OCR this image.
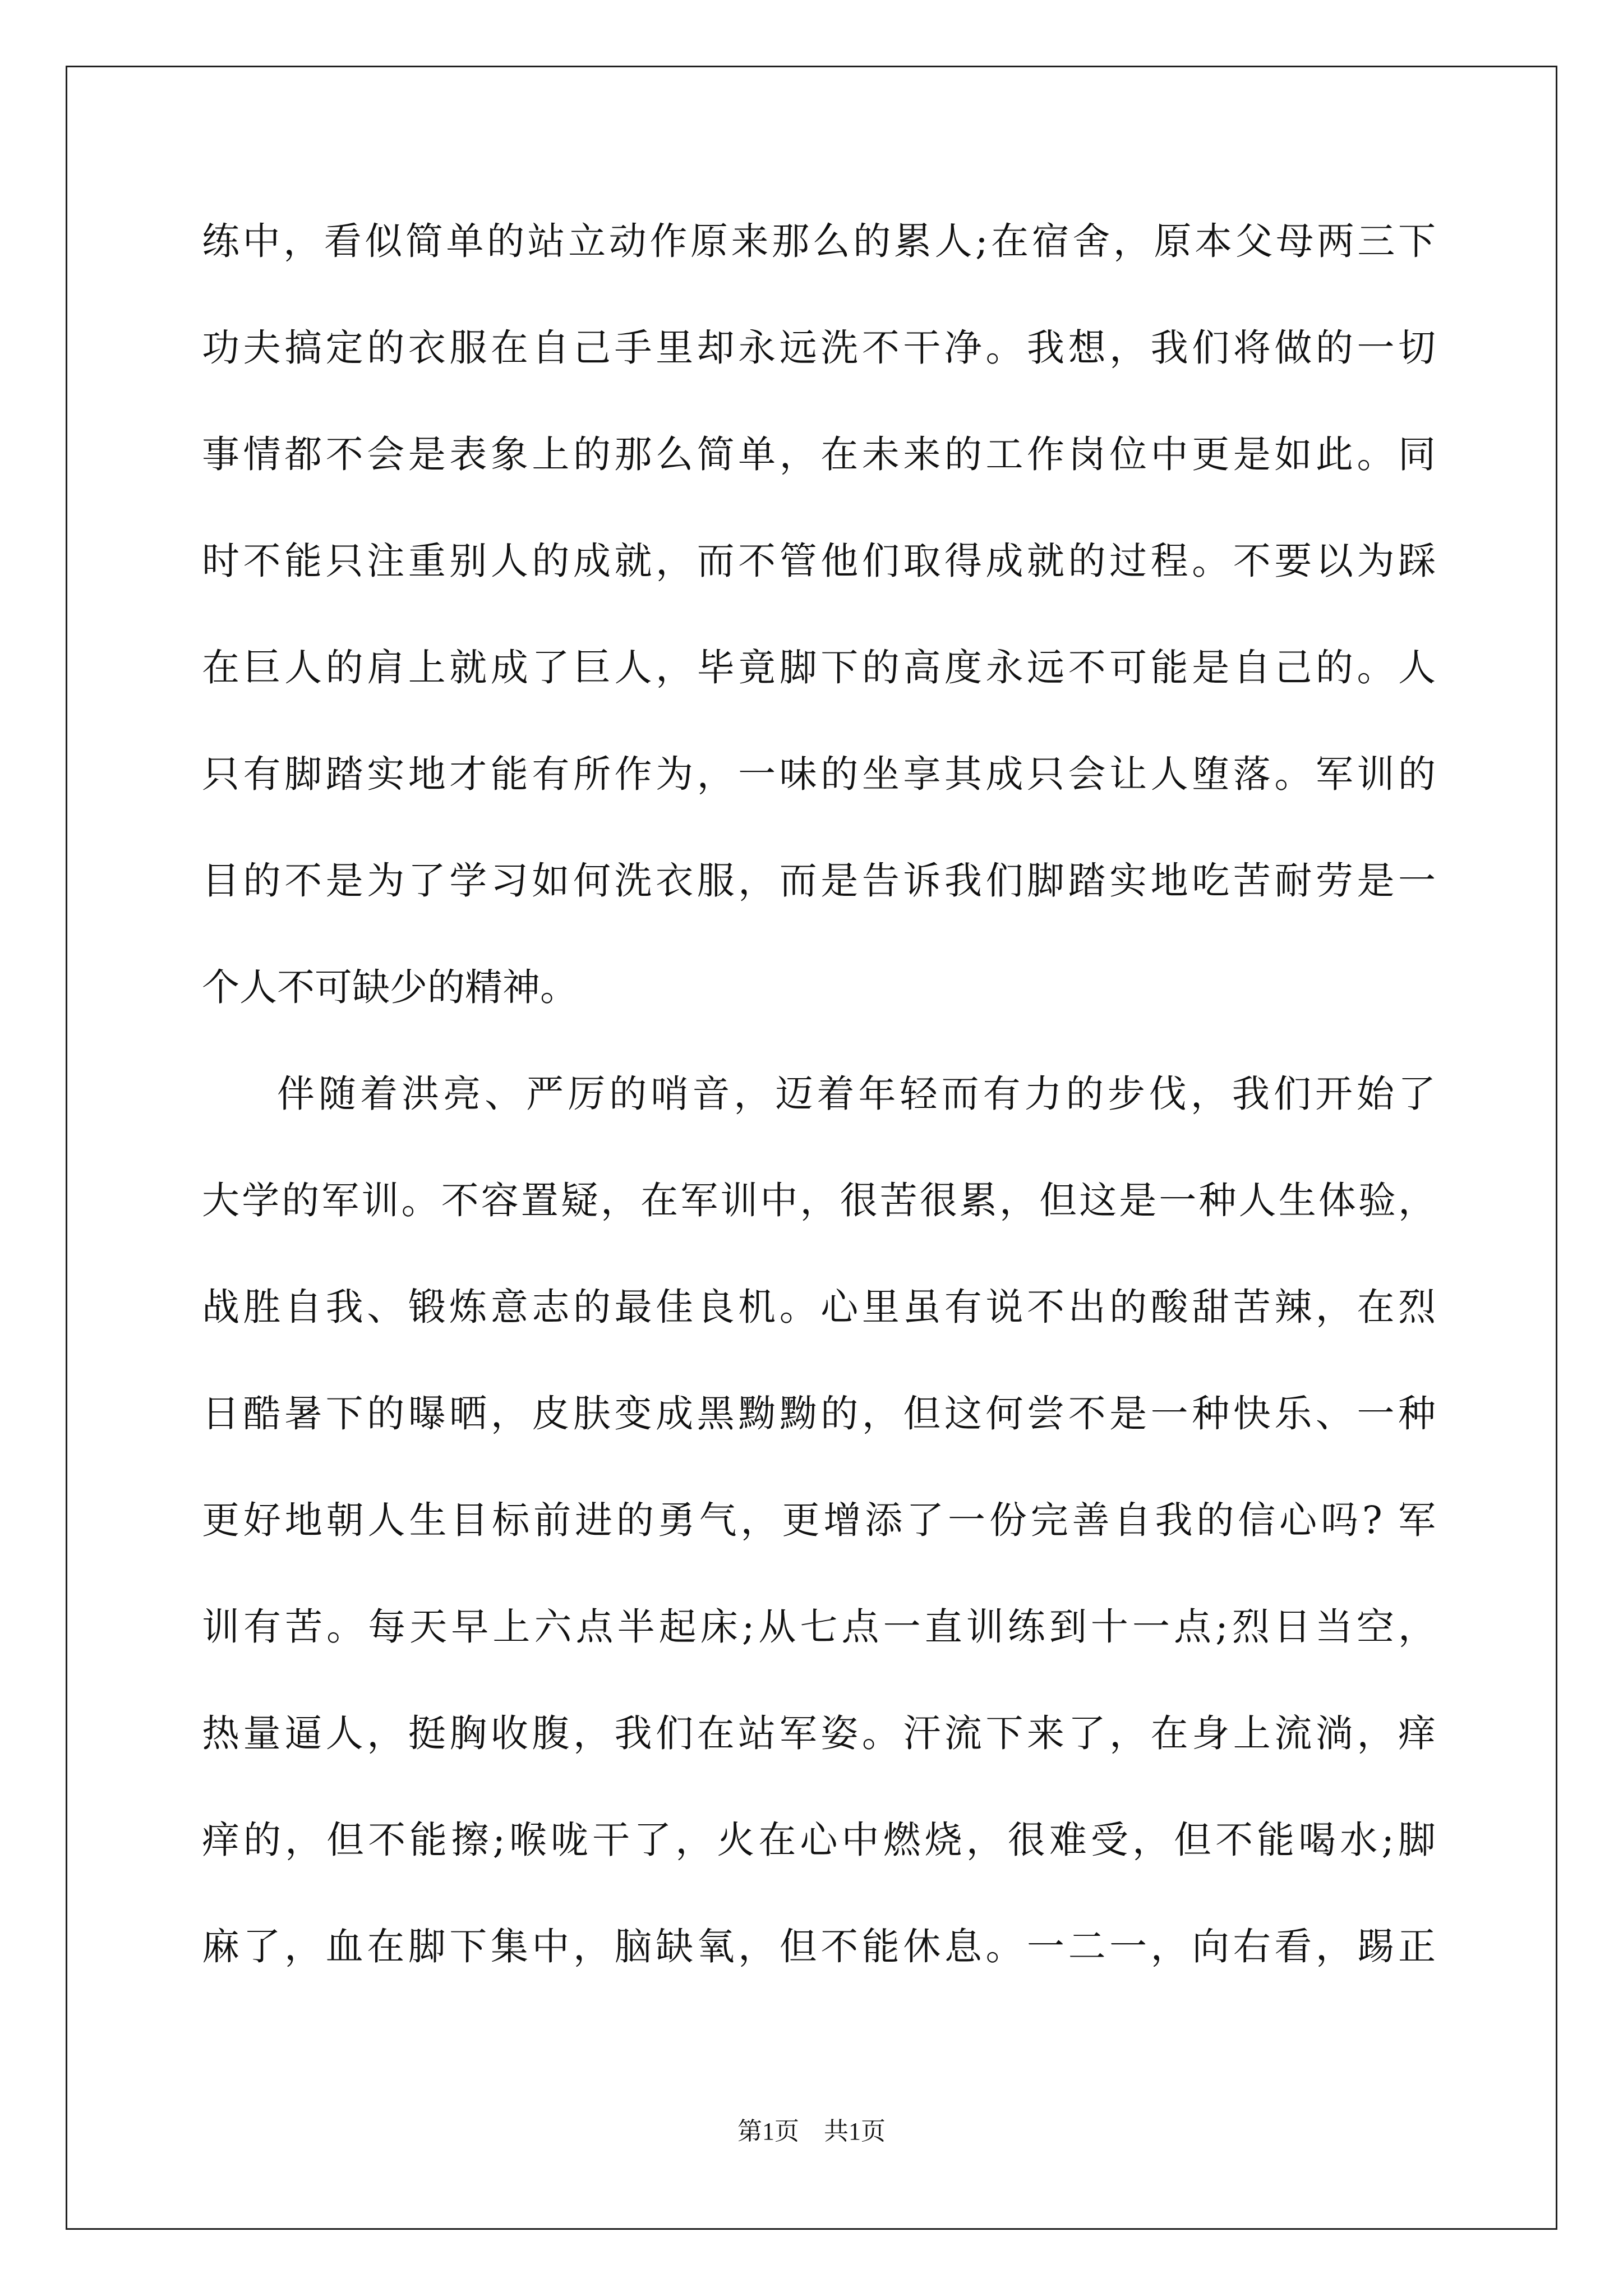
练中，看似简单的站立动作原来那么的累人;在宿舍，原本父母两三下
功夫搞定的衣服在自己手里却永远洗不干净。我想，我们将做的一切
事情都不会是表象上的那么简单，在未来的工作岗位中更是如此。同
时不能只注重别人的成就，而不管他们取得成就的过程。不要以为踩
在巨人的肩上就成了巨人，毕竟脚下的高度永远不可能是自己的。人
只有脚踏实地才能有所作为，一味的坐享其成只会让人堕落。军训的
目的不是为了学习如何洗衣服，而是告诉我们脚踏实地吃苦耐劳是一
个人不可缺少的精神。
伴随着洪亮、严厉的哨音，迈着年轻而有力的步伐，我们开始了
大学的军训。不容置疑，在军训中，很苦很累，但这是一种人生体验，
战胜自我、锻炼意志的最佳良机。心里虽有说不出的酸甜苦辣，在烈
日酷暑下的曝晒，皮肤变成黑黝黝的，但这何尝不是一种快乐、一种
更好地朝人生目标前进的勇气，更增添了一份完善自我的信心吗? 军
训有苦。每天早上六点半起床;从七点一直训练到十一点;烈日当空，
热量逼人，挺胸收腹，我们在站军姿。汗流下来了，在身上流淌，痒
痒的，但不能擦;喉咙干了，火在心中燃烧，很难受，但不能喝水;脚
麻了，血在脚下集中，脑缺氧，但不能休息。一二一，向右看，踢正
第1页　共1页
